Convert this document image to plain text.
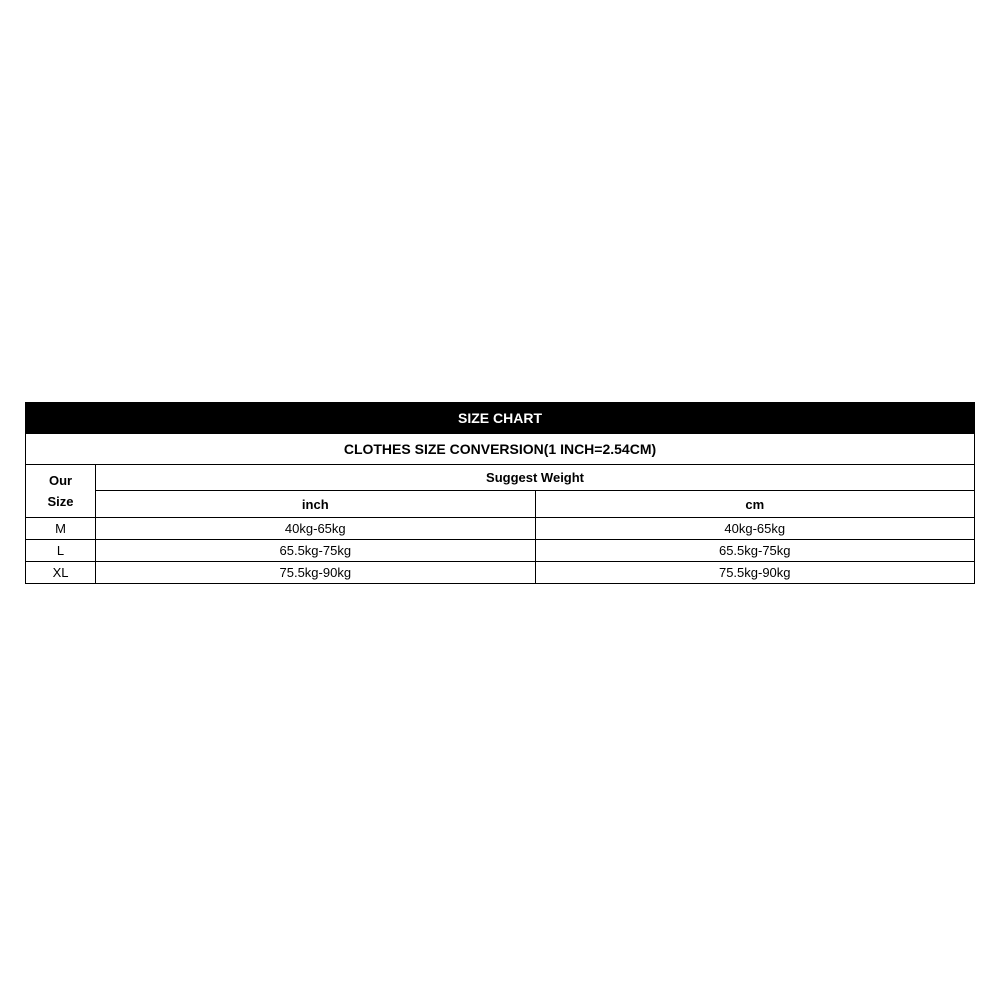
SIZE CHART		
CLOTHES SIZE CONVERSION(1 INCH=2.54CM)		
Our
Size	Suggest Weight	
	inch	cm
M	40kg-65kg	40kg-65kg
L	65.5kg-75kg	65.5kg-75kg
XL	75.5kg-90kg	75.5kg-90kg
